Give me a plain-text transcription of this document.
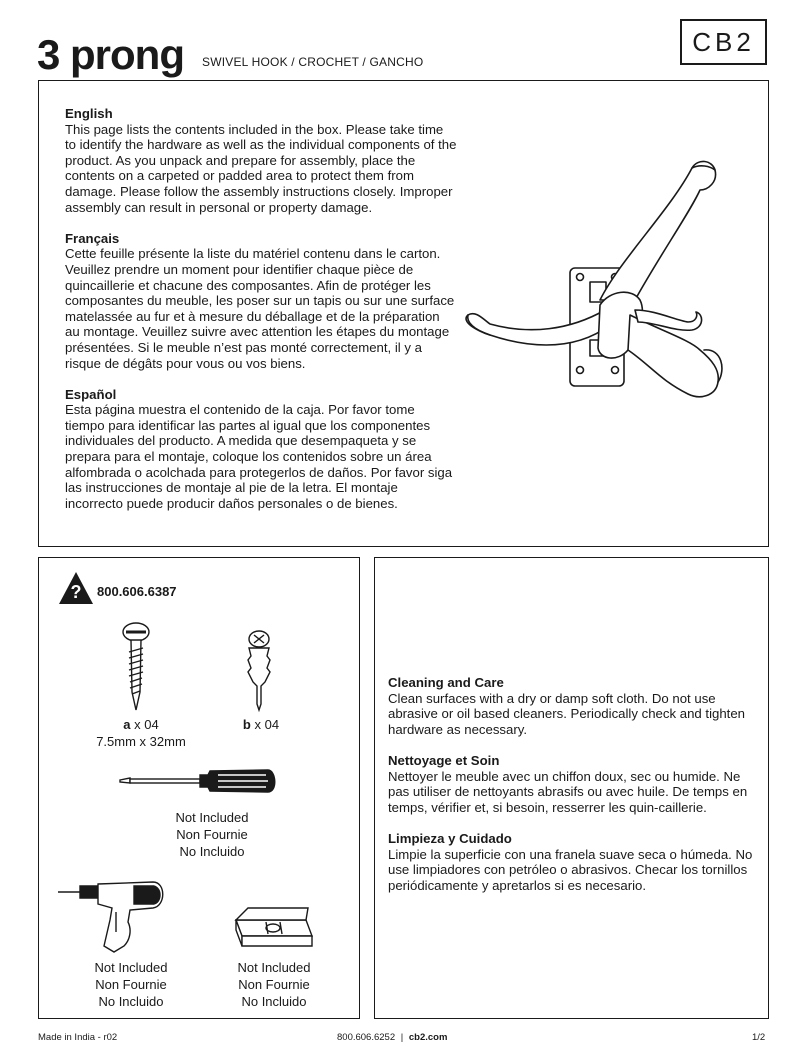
3 prong SWIVEL HOOK / CROCHET / GANCHO
CB2
English
This page lists the contents included in the box. Please take time to identify the hardware as well as the individual components of the product. As you unpack and prepare for assembly, place the contents on a carpeted or padded area to protect them from damage. Please follow the assembly instructions closely. Improper assembly can result in personal or property damage.
Français
Cette feuille présente la liste du matériel contenu dans le carton. Veuillez prendre un moment pour identifier chaque pièce de quincaillerie et chacune des composantes. Afin de protéger les composantes du meuble, les poser sur un tapis ou sur une surface matelassée au fur et à mesure du déballage et de la préparation au montage. Veuillez suivre avec attention les étapes du montage présentées. Si le meuble n’est pas monté correctement, il y a risque de dégâts pour vous ou vos biens.
Español
Esta página muestra el contenido de la caja. Por favor tome tiempo para identificar las partes al igual que los componentes individuales del producto. A medida que desempaqueta y se prepara para el montaje, coloque los contenidos sobre un área alfombrada o acolchada para protegerlos de daños. Por favor siga las instrucciones de montaje al pie de la letra. El montaje incorrecto puede producir daños personales o de bienes.
?	800.606.6387
a x 04
7.5mm x 32mm
b x 04
Not Included
Non Fournie
No Incluido
Not Included
Non Fournie
No Incluido
Not Included
Non Fournie
No Incluido
Cleaning and Care
Clean surfaces with a dry or damp soft cloth. Do not use abrasive or oil based cleaners. Periodically check and tighten hardware as necessary.
Nettoyage et Soin
Nettoyer le meuble avec un chiffon doux, sec ou humide. Ne pas utiliser de nettoyants abrasifs ou avec huile. De temps en temps, vérifier et, si besoin, resserrer les quin-caillerie.
Limpieza y Cuidado
Limpie la superficie con una franela suave seca o húmeda. No use limpiadores con petróleo o abrasivos. Checar los tornillos periódicamente y apretarlos si es necesario.
Made in India - r02	800.606.6252 | cb2.com	1/2
